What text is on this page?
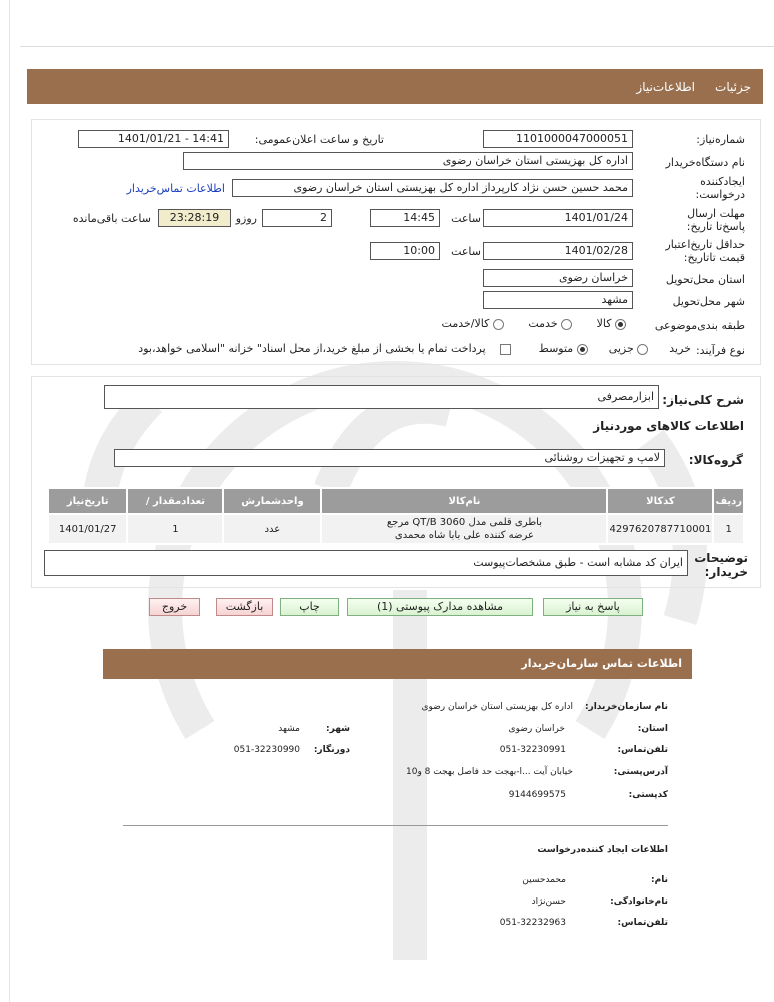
جزئیات
اطلاعات‌نیاز
شماره‌نیاز:
1101000047000051
تاریخ و ساعت اعلان‌عمومی:
1401/01/21 - 14:41
نام دستگاه‌خریدار
اداره کل بهزیستی استان خراسان رضوی
ایجادکننده درخواست:
محمد حسین حسن نژاد کارپرداز اداره کل بهزیستی استان خراسان رضوی
اطلاعات تماس‌خریدار
مهلت ارسال پاسخ‌تا تاریخ:
1401/01/24
ساعت
14:45
2
روزو
23:28:19
ساعت باقی‌مانده
حداقل تاریخ‌اعتبار قیمت تا‌تاریخ:
1401/02/28
ساعت
10:00
استان محل‌تحویل
خراسان رضوی
شهر محل‌تحویل
مشهد
طبقه بندی‌موضوعی
کالا        خدمت        کالا/خدمت
نوع فرآیند:
خرید       جزیی       متوسط            پرداخت تمام یا بخشی از مبلغ خرید،از محل اسناد" خزانه "اسلامی خواهد،بود
شرح کلی‌نیاز:
ابزارمصرفی
اطلاعات کالاهای موردنیاز
گروه‌کالا:
لامپ و تجهیزات روشنائی
ردیف	کدکالا	نام‌کالا	واحدشمارش	تعدادمقدار /	تاریخ‌نیاز
1	4297620787710001	باطری قلمی مدل QT/B 3060 مرجع
عرضه کننده علی بابا شاه محمدی	عدد	1	1401/01/27
توضیحات خریدار:
ایران کد مشابه است - طبق مشخصات‌پیوست
پاسخ به نیاز
مشاهده مدارک پیوستی (1)
چاپ
بازگشت
خروج
اطلاعات تماس سازمان‌خریدار
نام سازمان‌خریدار:
اداره کل بهزیستی استان خراسان رضوی
استان:
خراسان رضوی
شهر:
مشهد
تلفن‌تماس:
051-32230991
دورنگار:
051-32230990
آدرس‌پستی:
خیابان آیت ...ا-بهجت حد فاصل بهجت 8 و10
کدپستی:
9144699575
اطلاعات ایجاد کننده‌درخواست
نام:
محمدحسین
نام‌خانوادگی:
حسن‌نژاد
تلفن‌تماس:
051-32232963
